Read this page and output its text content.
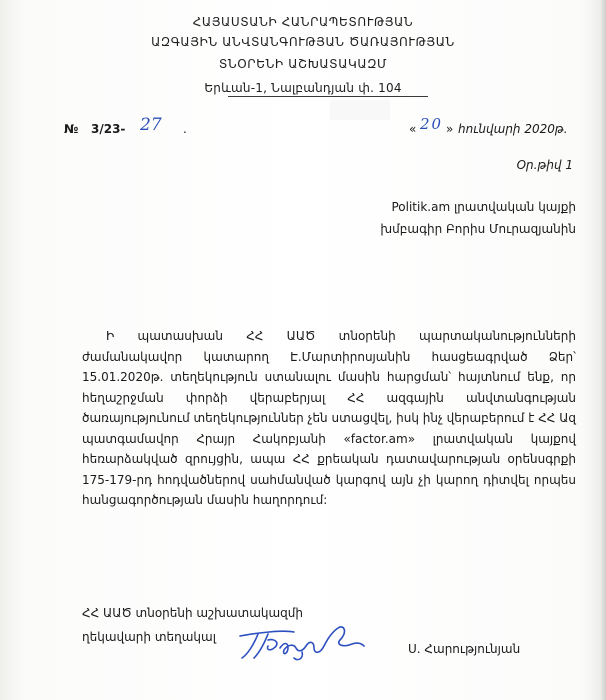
ՀԱՅԱՍՏԱՆԻ ՀԱՆՐԱՊԵՏՈՒԹՅԱՆ
ԱԶԳԱՅԻՆ ԱՆՎՏԱՆԳՈՒԹՅԱՆ ԾԱՌԱՅՈՒԹՅԱՆ
ՏՆՕՐԵՆԻ ԱՇԽԱՏԱԿԱԶՄ
Երևան-1, Նալբանդյան փ. 104
№ 3/23- 27 .	« 20 » հունվարի 2020թ.
Օր.թիվ 1
Politik.am լրատվական կայքի
խմբագիր Բորիս Մուրազյանին
Ի պատասխան ՀՀ ԱԱԾ տնօրենի պարտականությունների ժամանակավոր կատարող Է.Մարտիրոսյանին հասցեագրված Ձեր՝ 15.01.2020թ. տեղեկություն ստանալու մասին հարցման՝ հայտնում ենք, որ հեղաշրջման փորձի վերաբերյալ ՀՀ ազգային անվտանգության ծառայությունում տեղեկություններ չեն ստացվել, իսկ ինչ վերաբերում է ՀՀ Ազ պատգամավոր Հրայր Հակոբյանի «factor.am» լրատվական կայքով հեռարձակված զրույցին, ապա ՀՀ քրեական դատավարության օրենսգրքի 175-179-րդ հոդվածներով սահմանված կարգով այն չի կարող դիտվել որպես հանցագործության մասին հաղորդում:
ՀՀ ԱԱԾ տնօրենի աշխատակազմի
ղեկավարի տեղակալ
Ս. Հարությունյան
